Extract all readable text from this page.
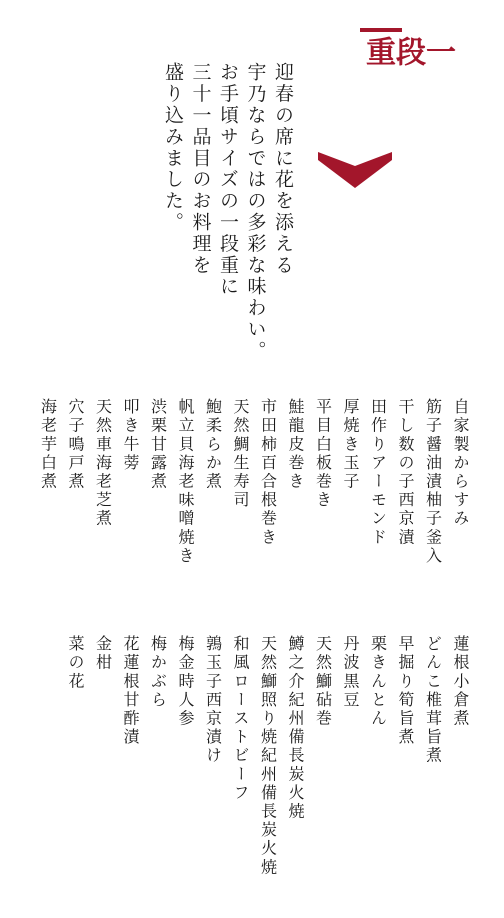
一段重

迎春の席に花を添える

宇乃ならではの多彩な味わい。

お手頃サイズの一段重に

三十一品目のお料理を

盛り込みました。

自家製からすみ
筋子醤油漬柚子釜入
干し数の子西京漬
田作りアーモンド
厚焼き玉子
平目白板巻き
鮭龍皮巻き
市田柿百合根巻き
天然鯛生寿司
鮑柔らか煮
帆立貝海老味噌焼き
渋栗甘露煮
叩き牛蒡
天然車海老芝煮
穴子鳴戸煮
海老芋白煮
蓮根小倉煮
どんこ椎茸旨煮
早掘り筍旨煮
栗きんとん
丹波黒豆
天然鰤砧巻
鱒之介紀州備長炭火焼
天然鰤照り焼紀州備長炭火焼
和風ローストビーフ
鶉玉子西京漬け
梅金時人参
梅かぶら
花蓮根甘酢漬
金柑
菜の花
